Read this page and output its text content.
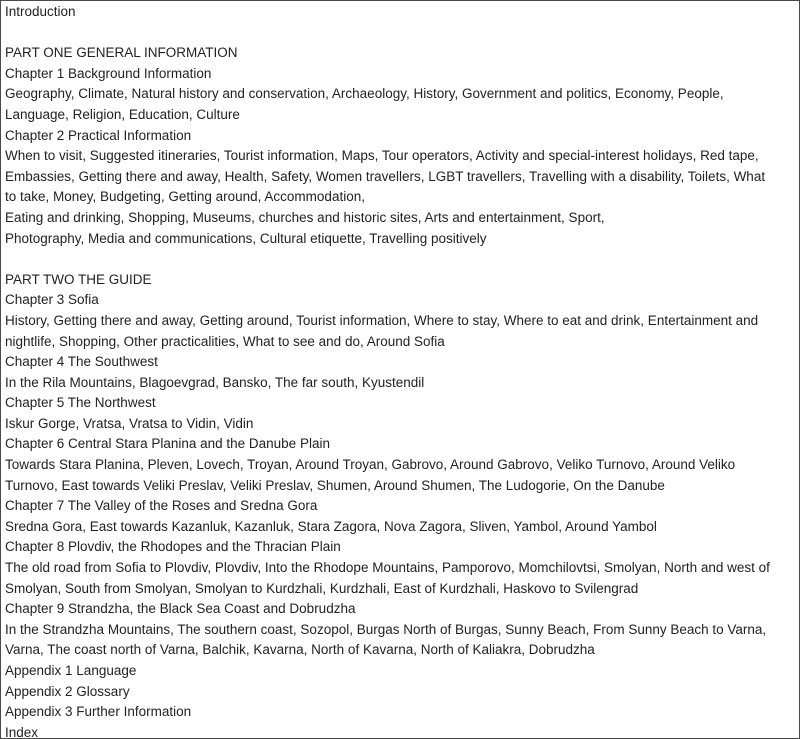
Introduction
PART ONE GENERAL INFORMATION
Chapter 1 Background Information
Geography, Climate, Natural history and conservation, Archaeology, History, Government and politics, Economy, People,
Language, Religion, Education, Culture
Chapter 2 Practical Information
When to visit, Suggested itineraries, Tourist information, Maps, Tour operators, Activity and special-interest holidays, Red tape,
Embassies, Getting there and away, Health, Safety, Women travellers, LGBT travellers, Travelling with a disability, Toilets, What
to take, Money, Budgeting, Getting around, Accommodation,
Eating and drinking, Shopping, Museums, churches and historic sites, Arts and entertainment, Sport,
Photography, Media and communications, Cultural etiquette, Travelling positively
PART TWO THE GUIDE
Chapter 3 Sofia
History, Getting there and away, Getting around, Tourist information, Where to stay, Where to eat and drink, Entertainment and
nightlife, Shopping, Other practicalities, What to see and do, Around Sofia
Chapter 4 The Southwest
In the Rila Mountains, Blagoevgrad, Bansko, The far south, Kyustendil
Chapter 5 The Northwest
Iskur Gorge, Vratsa, Vratsa to Vidin, Vidin
Chapter 6 Central Stara Planina and the Danube Plain
Towards Stara Planina, Pleven, Lovech, Troyan, Around Troyan, Gabrovo, Around Gabrovo, Veliko Turnovo, Around Veliko
Turnovo, East towards Veliki Preslav, Veliki Preslav, Shumen, Around Shumen, The Ludogorie, On the Danube
Chapter 7 The Valley of the Roses and Sredna Gora
Sredna Gora, East towards Kazanluk, Kazanluk, Stara Zagora, Nova Zagora, Sliven, Yambol, Around Yambol
Chapter 8 Plovdiv, the Rhodopes and the Thracian Plain
The old road from Sofia to Plovdiv, Plovdiv, Into the Rhodope Mountains, Pamporovo, Momchilovtsi, Smolyan, North and west of
Smolyan, South from Smolyan, Smolyan to Kurdzhali, Kurdzhali, East of Kurdzhali, Haskovo to Svilengrad
Chapter 9 Strandzha, the Black Sea Coast and Dobrudzha
In the Strandzha Mountains, The southern coast, Sozopol, Burgas North of Burgas, Sunny Beach, From Sunny Beach to Varna,
Varna, The coast north of Varna, Balchik, Kavarna, North of Kavarna, North of Kaliakra, Dobrudzha
Appendix 1 Language
Appendix 2 Glossary
Appendix 3 Further Information
Index
